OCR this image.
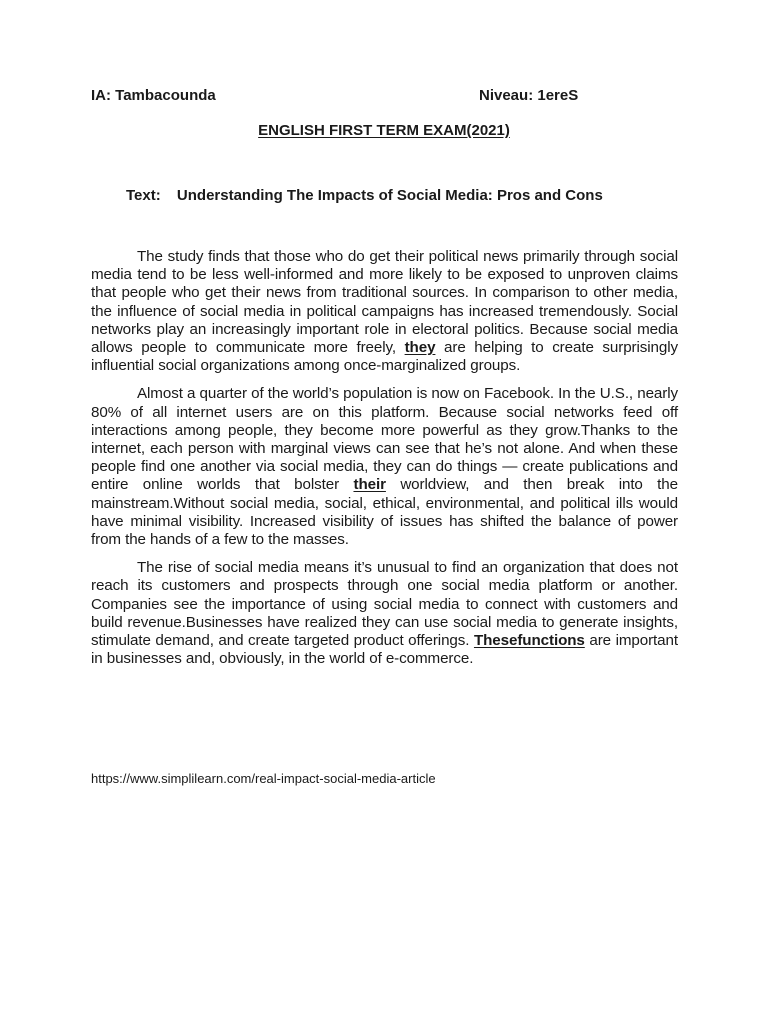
IA: Tambacounda	Niveau: 1ereS
ENGLISH FIRST TERM EXAM(2021)
Text: Understanding The Impacts of Social Media: Pros and Cons

The study finds that those who do get their political news primarily through social media tend to be less well-informed and more likely to be exposed to unproven claims that people who get their news from traditional sources. In comparison to other media, the influence of social media in political campaigns has increased tremendously. Social networks play an increasingly important role in electoral politics. Because social media allows people to communicate more freely, they are helping to create surprisingly influential social organizations among once-marginalized groups.

Almost a quarter of the world’s population is now on Facebook. In the U.S., nearly 80% of all internet users are on this platform. Because social networks feed off interactions among people, they become more powerful as they grow.Thanks to the internet, each person with marginal views can see that he’s not alone. And when these people find one another via social media, they can do things — create publications and entire online worlds that bolster their worldview, and then break into the mainstream.Without social media, social, ethical, environmental, and political ills would have minimal visibility. Increased visibility of issues has shifted the balance of power from the hands of a few to the masses.

The rise of social media means it’s unusual to find an organization that does not reach its customers and prospects through one social media platform or another. Companies see the importance of using social media to connect with customers and build revenue.Businesses have realized they can use social media to generate insights, stimulate demand, and create targeted product offerings. Thesefunctions are important in businesses and, obviously, in the world of e-commerce.

https://www.simplilearn.com/real-impact-social-media-article
